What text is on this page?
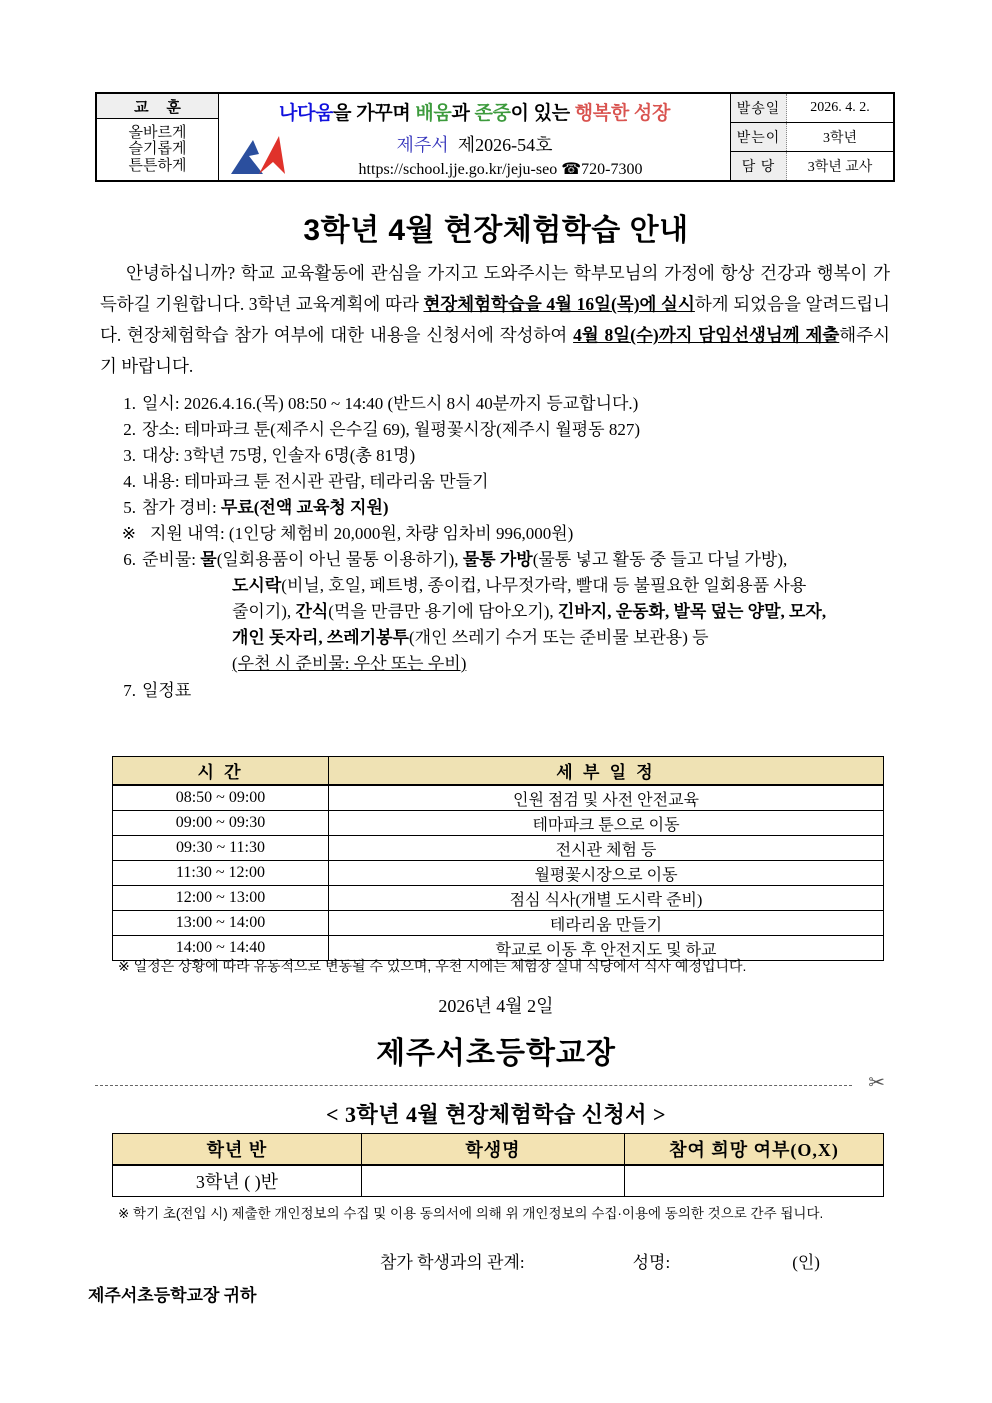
교 훈
올바르게
슬기롭게
튼튼하게
나다움을 가꾸며 배움과 존중이 있는 행복한 성장
제주서 제2026-54호
https://school.jje.go.kr/jeju-seo ☎720-7300
발송일	2026. 4. 2.
받는이	3학년
담 당	3학년 교사
3학년 4월 현장체험학습 안내
안녕하십니까? 학교 교육활동에 관심을 가지고 도와주시는 학부모님의 가정에 항상 건강과 행복이 가득하길 기원합니다. 3학년 교육계획에 따라 현장체험학습을 4월 16일(목)에 실시하게 되었음을 알려드립니다. 현장체험학습 참가 여부에 대한 내용을 신청서에 작성하여 4월 8일(수)까지 담임선생님께 제출해주시기 바랍니다.
1. 일시: 2026.4.16.(목) 08:50 ~ 14:40 (반드시 8시 40분까지 등교합니다.)
2. 장소: 테마파크 툰(제주시 은수길 69), 월평꽃시장(제주시 월평동 827)
3. 대상: 3학년 75명, 인솔자 6명(총 81명)
4. 내용: 테마파크 툰 전시관 관람, 테라리움 만들기
5. 참가 경비: 무료(전액 교육청 지원)
※ 지원 내역: (1인당 체험비 20,000원, 차량 임차비 996,000원)
6. 준비물: 물(일회용품이 아닌 물통 이용하기), 물통 가방(물통 넣고 활동 중 들고 다닐 가방),
도시락(비닐, 호일, 페트병, 종이컵, 나무젓가락, 빨대 등 불필요한 일회용품 사용
줄이기), 간식(먹을 만큼만 용기에 담아오기), 긴바지, 운동화, 발목 덮는 양말, 모자,
개인 돗자리, 쓰레기봉투(개인 쓰레기 수거 또는 준비물 보관용) 등
(우천 시 준비물: 우산 또는 우비)
7. 일정표
시 간	세 부 일 정
08:50 ~ 09:00	인원 점검 및 사전 안전교육
09:00 ~ 09:30	테마파크 툰으로 이동
09:30 ~ 11:30	전시관 체험 등
11:30 ~ 12:00	월평꽃시장으로 이동
12:00 ~ 13:00	점심 식사(개별 도시락 준비)
13:00 ~ 14:00	테라리움 만들기
14:00 ~ 14:40	학교로 이동 후 안전지도 및 하교
※ 일정은 상황에 따라 유동적으로 변동될 수 있으며, 우천 시에는 체험장 실내 식당에서 식사 예정입니다.
2026년 4월 2일
제주서초등학교장
✂
< 3학년 4월 현장체험학습 신청서 >
학년 반	학생명	참여 희망 여부(O,X)
3학년 ( )반		
※ 학기 초(전입 시) 제출한 개인정보의 수집 및 이용 동의서에 의해 위 개인정보의 수집·이용에 동의한 것으로 간주 됩니다.
참가 학생과의 관계:	성명:	(인)
제주서초등학교장 귀하
